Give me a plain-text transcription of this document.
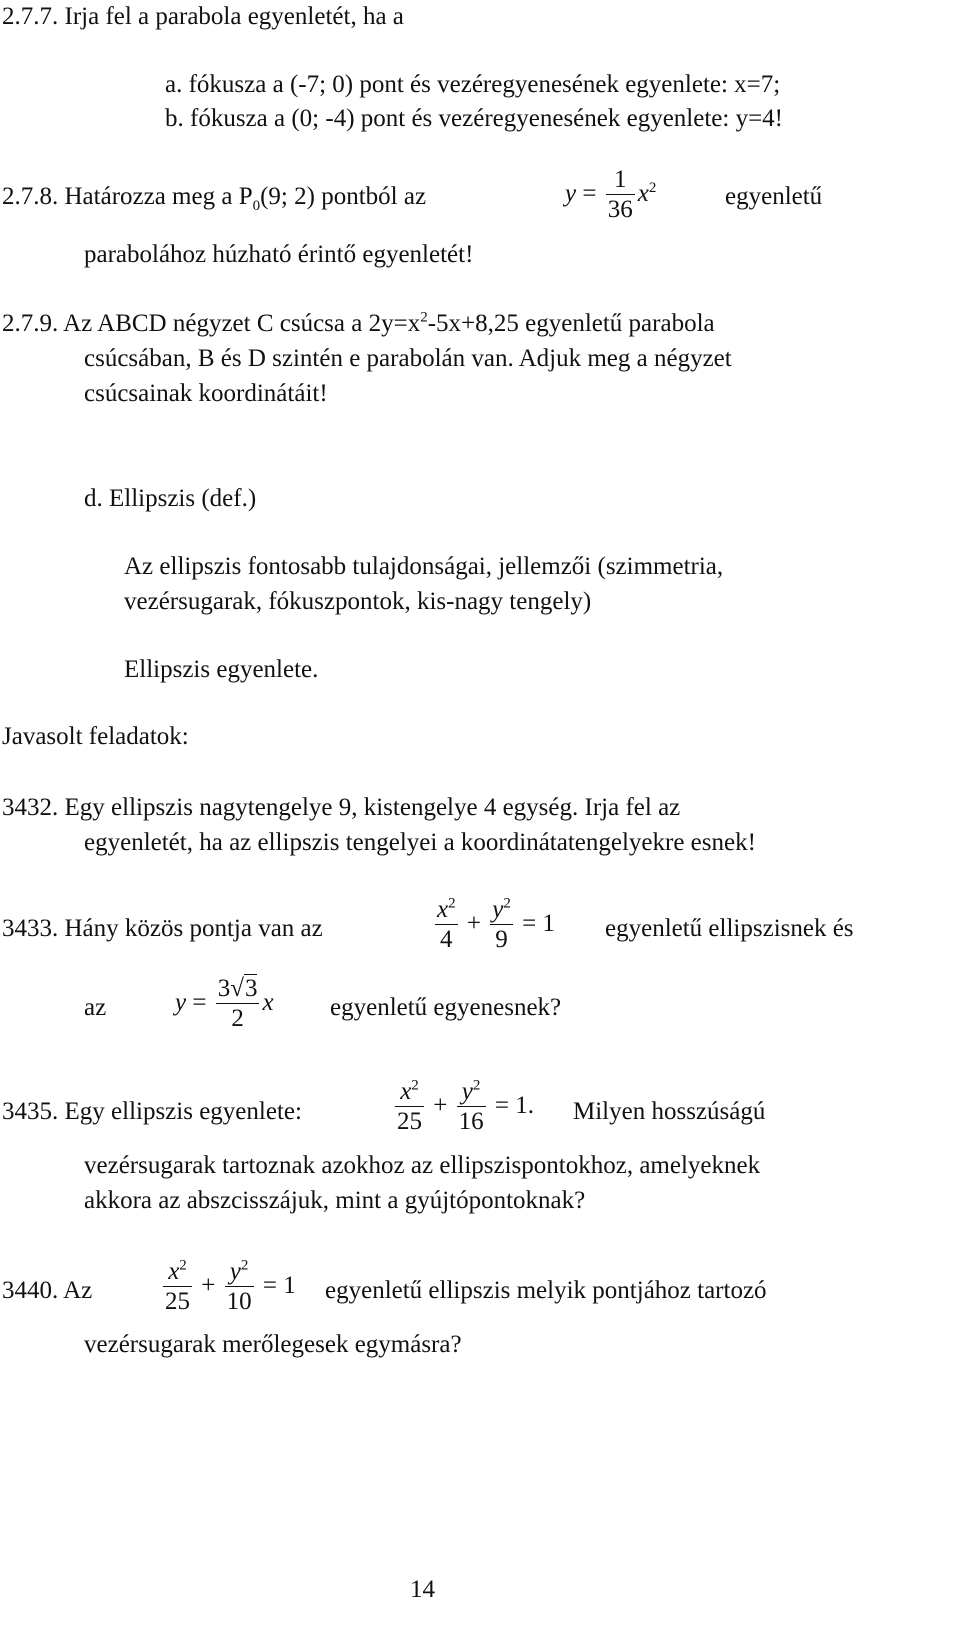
2.7.7. Irja fel a parabola egyenletét, ha a
a. fókusza a (-7; 0) pont és vezéregyenesének egyenlete: x=7;
b. fókusza a (0; -4) pont és vezéregyenesének egyenlete: y=4!
2.7.8. Határozza meg a $P_0(9$; 2) pontból az	$y = \frac{1}{36} x^2$	egyenletű
parabolához húzható érintő egyenletét!
2.7.9. Az ABCD négyzet C csúcsa a $2y=x^2-5x+8,25$ egyenletű parabola
csúcsában, B és D szintén e parabolán van. Adjuk meg a négyzet
csúcsainak koordinátáit!
d. Ellipszis (def.)
Az ellipszis fontosabb tulajdonságai, jellemzői (szimmetria,
vezérsugarak, fókuszpontok, kis-nagy tengely)
Ellipszis egyenlete.
Javasolt feladatok:
3432. Egy ellipszis nagytengelye 9, kistengelye 4 egység. Irja fel az
egyenletét, ha az ellipszis tengelyei a koordinátatengelyekre esnek!
3433. Hány közös pontja van az	$\frac{x^2}{4} + \frac{y^2}{9} = 1$ egyenletű ellipszisnek és
az	$y = \frac{3√3}{2}$ x egyenletű egyenesnek?
3435. Egy ellipszis egyenlete:	$\frac{x^2}{25} + \frac{y^2}{16} = 1$. Milyen hosszúságú
vezérsugarak tartoznak azokhoz az ellipszispontokhoz, amelyeknek
akkora az abszcisszájuk, mint a gyújtópontoknak?
3440. Az	$\frac{x^2}{25} + \frac{y^2}{10} = 1$ egyenletű ellipszis melyik pontjához tartozó
vezérsugarak merőlegesek egymásra?
14
